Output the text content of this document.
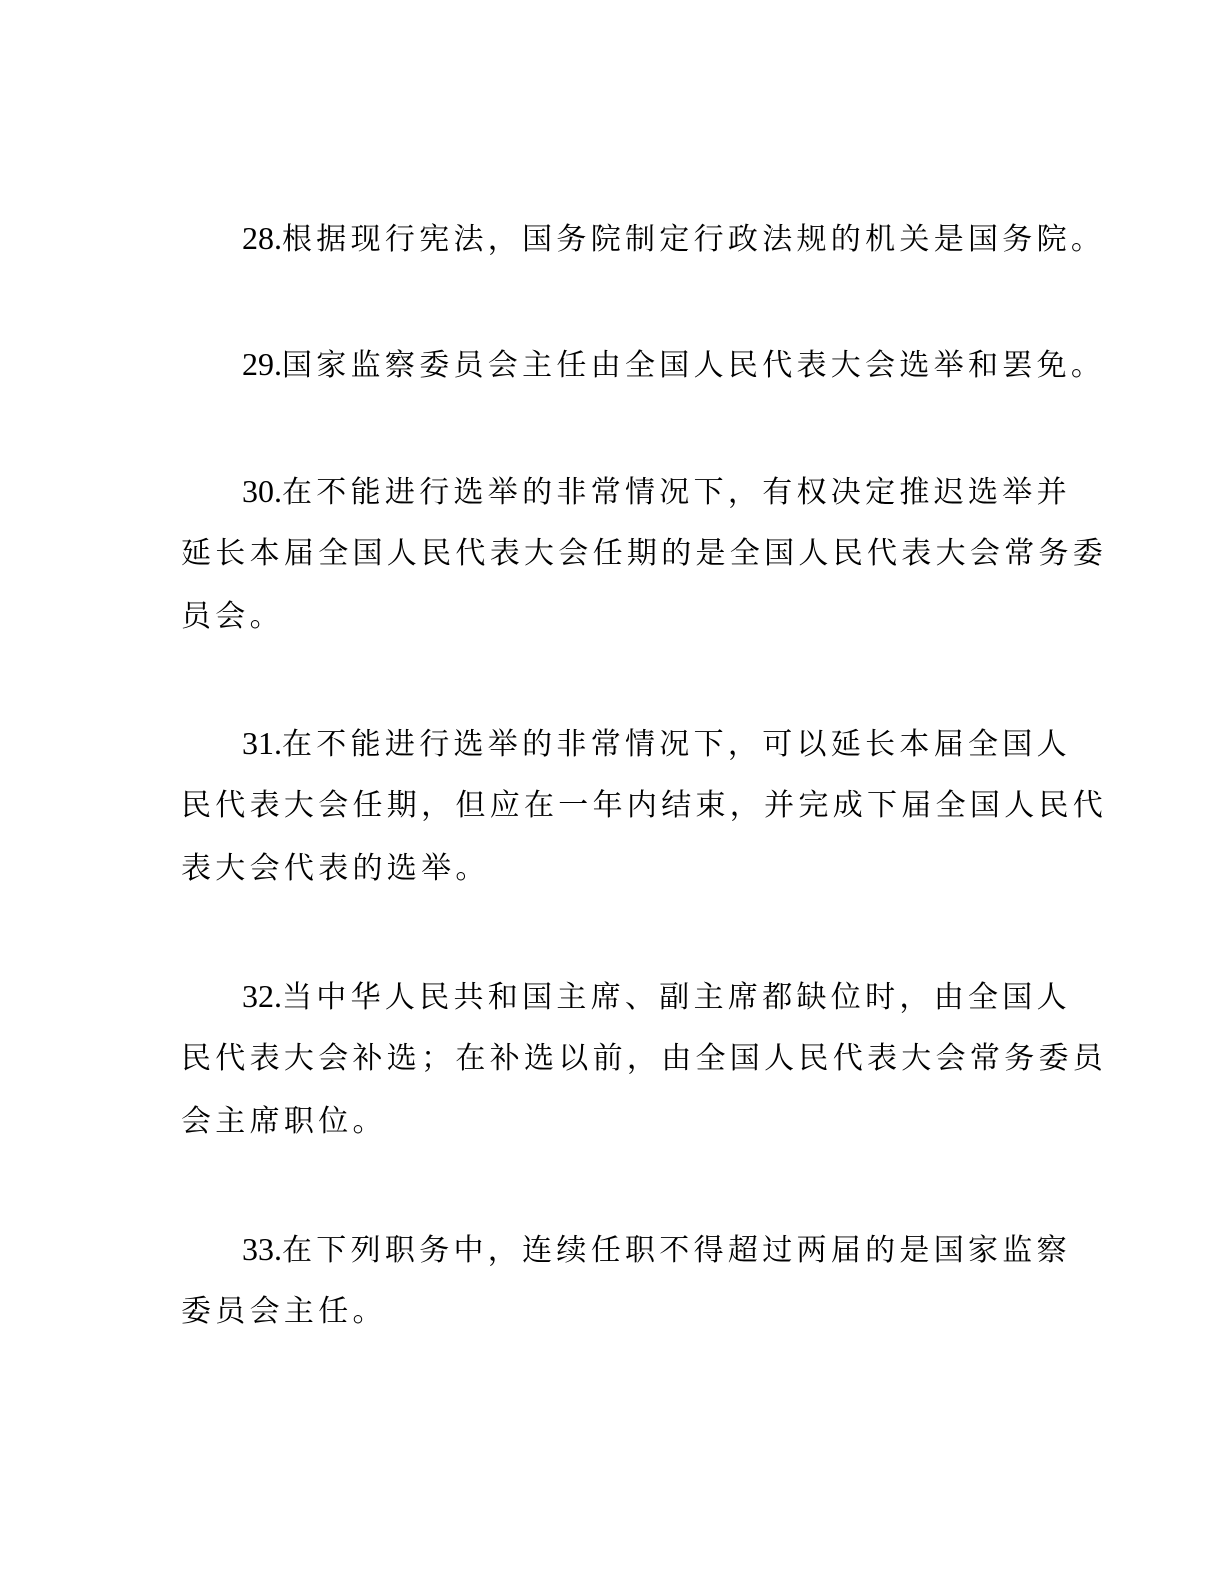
28.根据现行宪法，国务院制定行政法规的机关是国务院。
29.国家监察委员会主任由全国人民代表大会选举和罢免。
30.在不能进行选举的非常情况下，有权决定推迟选举并
延长本届全国人民代表大会任期的是全国人民代表大会常务委
员会。
31.在不能进行选举的非常情况下，可以延长本届全国人
民代表大会任期，但应在一年内结束，并完成下届全国人民代
表大会代表的选举。
32.当中华人民共和国主席、副主席都缺位时，由全国人
民代表大会补选；在补选以前，由全国人民代表大会常务委员
会主席职位。
33.在下列职务中，连续任职不得超过两届的是国家监察
委员会主任。
